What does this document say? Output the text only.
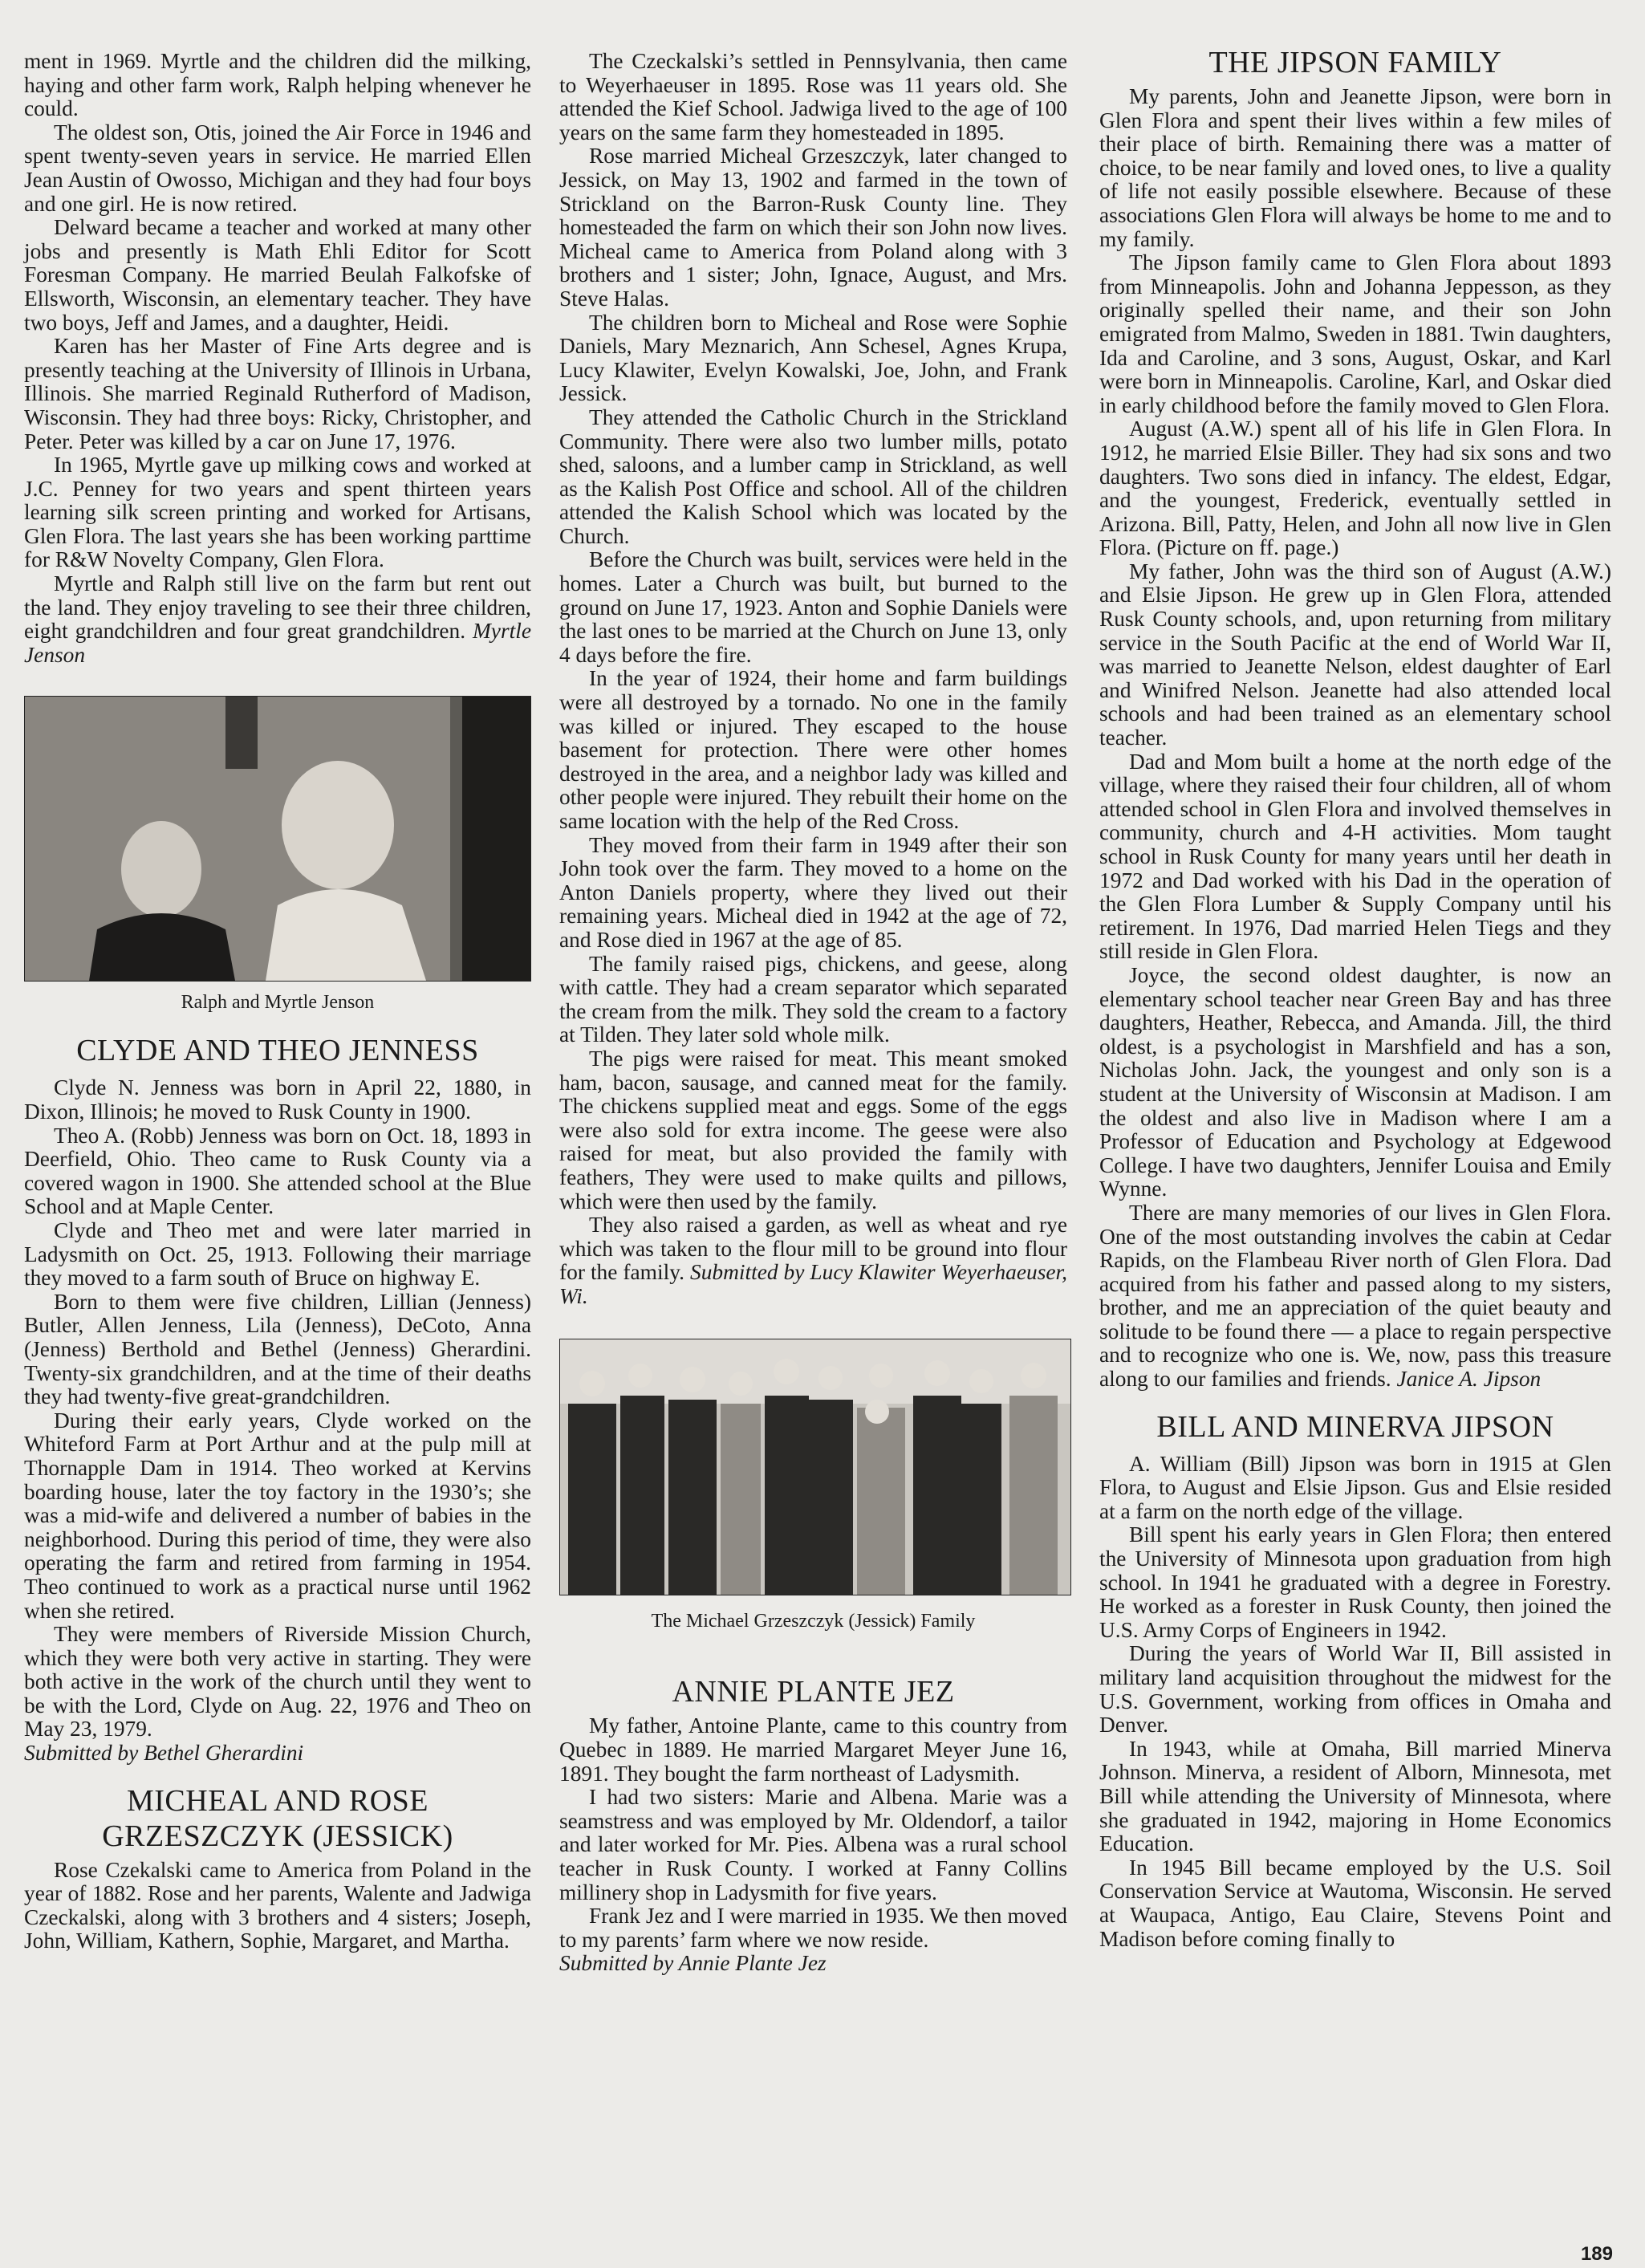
ment in 1969. Myrtle and the children did the milking, haying and other farm work, Ralph helping whenever he could.

The oldest son, Otis, joined the Air Force in 1946 and spent twenty-seven years in service. He married Ellen Jean Austin of Owosso, Michigan and they had four boys and one girl. He is now retired.

Delward became a teacher and worked at many other jobs and presently is Math Ehli Editor for Scott Foresman Company. He married Beulah Falkofske of Ellsworth, Wisconsin, an elementary teacher. They have two boys, Jeff and James, and a daughter, Heidi.

Karen has her Master of Fine Arts degree and is presently teaching at the University of Illinois in Urbana, Illinois. She married Reginald Rutherford of Madison, Wisconsin. They had three boys: Ricky, Christopher, and Peter. Peter was killed by a car on June 17, 1976.

In 1965, Myrtle gave up milking cows and worked at J.C. Penney for two years and spent thirteen years learning silk screen printing and worked for Artisans, Glen Flora. The last years she has been working parttime for R&W Novelty Company, Glen Flora.

Myrtle and Ralph still live on the farm but rent out the land. They enjoy traveling to see their three children, eight grandchildren and four great grandchildren. Myrtle Jenson

Ralph and Myrtle Jenson

CLYDE AND THEO JENNESS

Clyde N. Jenness was born in April 22, 1880, in Dixon, Illinois; he moved to Rusk County in 1900.

Theo A. (Robb) Jenness was born on Oct. 18, 1893 in Deerfield, Ohio. Theo came to Rusk County via a covered wagon in 1900. She attended school at the Blue School and at Maple Center.

Clyde and Theo met and were later married in Ladysmith on Oct. 25, 1913. Following their marriage they moved to a farm south of Bruce on highway E.

Born to them were five children, Lillian (Jenness) Butler, Allen Jenness, Lila (Jenness), DeCoto, Anna (Jenness) Berthold and Bethel (Jenness) Gherardini. Twenty-six grandchildren, and at the time of their deaths they had twenty-five great-grandchildren.

During their early years, Clyde worked on the Whiteford Farm at Port Arthur and at the pulp mill at Thornapple Dam in 1914. Theo worked at Kervins boarding house, later the toy factory in the 1930’s; she was a mid-wife and delivered a number of babies in the neighborhood. During this period of time, they were also operating the farm and retired from farming in 1954. Theo continued to work as a practical nurse until 1962 when she retired.

They were members of Riverside Mission Church, which they were both very active in starting. They were both active in the work of the church until they went to be with the Lord, Clyde on Aug. 22, 1976 and Theo on May 23, 1979.

Submitted by Bethel Gherardini

MICHEAL AND ROSE
GRZESZCZYK (JESSICK)

Rose Czekalski came to America from Poland in the year of 1882. Rose and her parents, Walente and Jadwiga Czeckalski, along with 3 brothers and 4 sisters; Joseph, John, William, Kathern, Sophie, Margaret, and Martha.

The Czeckalski’s settled in Pennsylvania, then came to Weyerhaeuser in 1895. Rose was 11 years old. She attended the Kief School. Jadwiga lived to the age of 100 years on the same farm they homesteaded in 1895.

Rose married Micheal Grzeszczyk, later changed to Jessick, on May 13, 1902 and farmed in the town of Strickland on the Barron-Rusk County line. They homesteaded the farm on which their son John now lives. Micheal came to America from Poland along with 3 brothers and 1 sister; John, Ignace, August, and Mrs. Steve Halas.

The children born to Micheal and Rose were Sophie Daniels, Mary Meznarich, Ann Schesel, Agnes Krupa, Lucy Klawiter, Evelyn Kowalski, Joe, John, and Frank Jessick.

They attended the Catholic Church in the Strickland Community. There were also two lumber mills, potato shed, saloons, and a lumber camp in Strickland, as well as the Kalish Post Office and school. All of the children attended the Kalish School which was located by the Church.

Before the Church was built, services were held in the homes. Later a Church was built, but burned to the ground on June 17, 1923. Anton and Sophie Daniels were the last ones to be married at the Church on June 13, only 4 days before the fire.

In the year of 1924, their home and farm buildings were all destroyed by a tornado. No one in the family was killed or injured. They escaped to the house basement for protection. There were other homes destroyed in the area, and a neighbor lady was killed and other people were injured. They rebuilt their home on the same location with the help of the Red Cross.

They moved from their farm in 1949 after their son John took over the farm. They moved to a home on the Anton Daniels property, where they lived out their remaining years. Micheal died in 1942 at the age of 72, and Rose died in 1967 at the age of 85.

The family raised pigs, chickens, and geese, along with cattle. They had a cream separator which separated the cream from the milk. They sold the cream to a factory at Tilden. They later sold whole milk.

The pigs were raised for meat. This meant smoked ham, bacon, sausage, and canned meat for the family. The chickens supplied meat and eggs. Some of the eggs were also sold for extra income. The geese were also raised for meat, but also provided the family with feathers, They were used to make quilts and pillows, which were then used by the family.

They also raised a garden, as well as wheat and rye which was taken to the flour mill to be ground into flour for the family. Submitted by Lucy Klawiter Weyerhaeuser, Wi.

The Michael Grzeszczyk (Jessick) Family

ANNIE PLANTE JEZ

My father, Antoine Plante, came to this country from Quebec in 1889. He married Margaret Meyer June 16, 1891. They bought the farm northeast of Ladysmith.

I had two sisters: Marie and Albena. Marie was a seamstress and was employed by Mr. Oldendorf, a tailor and later worked for Mr. Pies. Albena was a rural school teacher in Rusk County. I worked at Fanny Collins millinery shop in Ladysmith for five years.

Frank Jez and I were married in 1935. We then moved to my parents’ farm where we now reside.

Submitted by Annie Plante Jez

THE JIPSON FAMILY

My parents, John and Jeanette Jipson, were born in Glen Flora and spent their lives within a few miles of their place of birth. Remaining there was a matter of choice, to be near family and loved ones, to live a quality of life not easily possible elsewhere. Because of these associations Glen Flora will always be home to me and to my family.

The Jipson family came to Glen Flora about 1893 from Minneapolis. John and Johanna Jeppesson, as they originally spelled their name, and their son John emigrated from Malmo, Sweden in 1881. Twin daughters, Ida and Caroline, and 3 sons, August, Oskar, and Karl were born in Minneapolis. Caroline, Karl, and Oskar died in early childhood before the family moved to Glen Flora.

August (A.W.) spent all of his life in Glen Flora. In 1912, he married Elsie Biller. They had six sons and two daughters. Two sons died in infancy. The eldest, Edgar, and the youngest, Frederick, eventually settled in Arizona. Bill, Patty, Helen, and John all now live in Glen Flora. (Picture on ff. page.)

My father, John was the third son of August (A.W.) and Elsie Jipson. He grew up in Glen Flora, attended Rusk County schools, and, upon returning from military service in the South Pacific at the end of World War II, was married to Jeanette Nelson, eldest daughter of Earl and Winifred Nelson. Jeanette had also attended local schools and had been trained as an elementary school teacher.

Dad and Mom built a home at the north edge of the village, where they raised their four children, all of whom attended school in Glen Flora and involved themselves in community, church and 4-H activities. Mom taught school in Rusk County for many years until her death in 1972 and Dad worked with his Dad in the operation of the Glen Flora Lumber & Supply Company until his retirement. In 1976, Dad married Helen Tiegs and they still reside in Glen Flora.

Joyce, the second oldest daughter, is now an elementary school teacher near Green Bay and has three daughters, Heather, Rebecca, and Amanda. Jill, the third oldest, is a psychologist in Marshfield and has a son, Nicholas John. Jack, the youngest and only son is a student at the University of Wisconsin at Madison. I am the oldest and also live in Madison where I am a Professor of Education and Psychology at Edgewood College. I have two daughters, Jennifer Louisa and Emily Wynne.

There are many memories of our lives in Glen Flora. One of the most outstanding involves the cabin at Cedar Rapids, on the Flambeau River north of Glen Flora. Dad acquired from his father and passed along to my sisters, brother, and me an appreciation of the quiet beauty and solitude to be found there — a place to regain perspective and to recognize who one is. We, now, pass this treasure along to our families and friends. Janice A. Jipson

BILL AND MINERVA JIPSON

A. William (Bill) Jipson was born in 1915 at Glen Flora, to August and Elsie Jipson. Gus and Elsie resided at a farm on the north edge of the village.

Bill spent his early years in Glen Flora; then entered the University of Minnesota upon graduation from high school. In 1941 he graduated with a degree in Forestry. He worked as a forester in Rusk County, then joined the U.S. Army Corps of Engineers in 1942.

During the years of World War II, Bill assisted in military land acquisition throughout the midwest for the U.S. Government, working from offices in Omaha and Denver.

In 1943, while at Omaha, Bill married Minerva Johnson. Minerva, a resident of Alborn, Minnesota, met Bill while attending the University of Minnesota, where she graduated in 1942, majoring in Home Economics Education.

In 1945 Bill became employed by the U.S. Soil Conservation Service at Wautoma, Wisconsin. He served at Waupaca, Antigo, Eau Claire, Stevens Point and Madison before coming finally to

189
